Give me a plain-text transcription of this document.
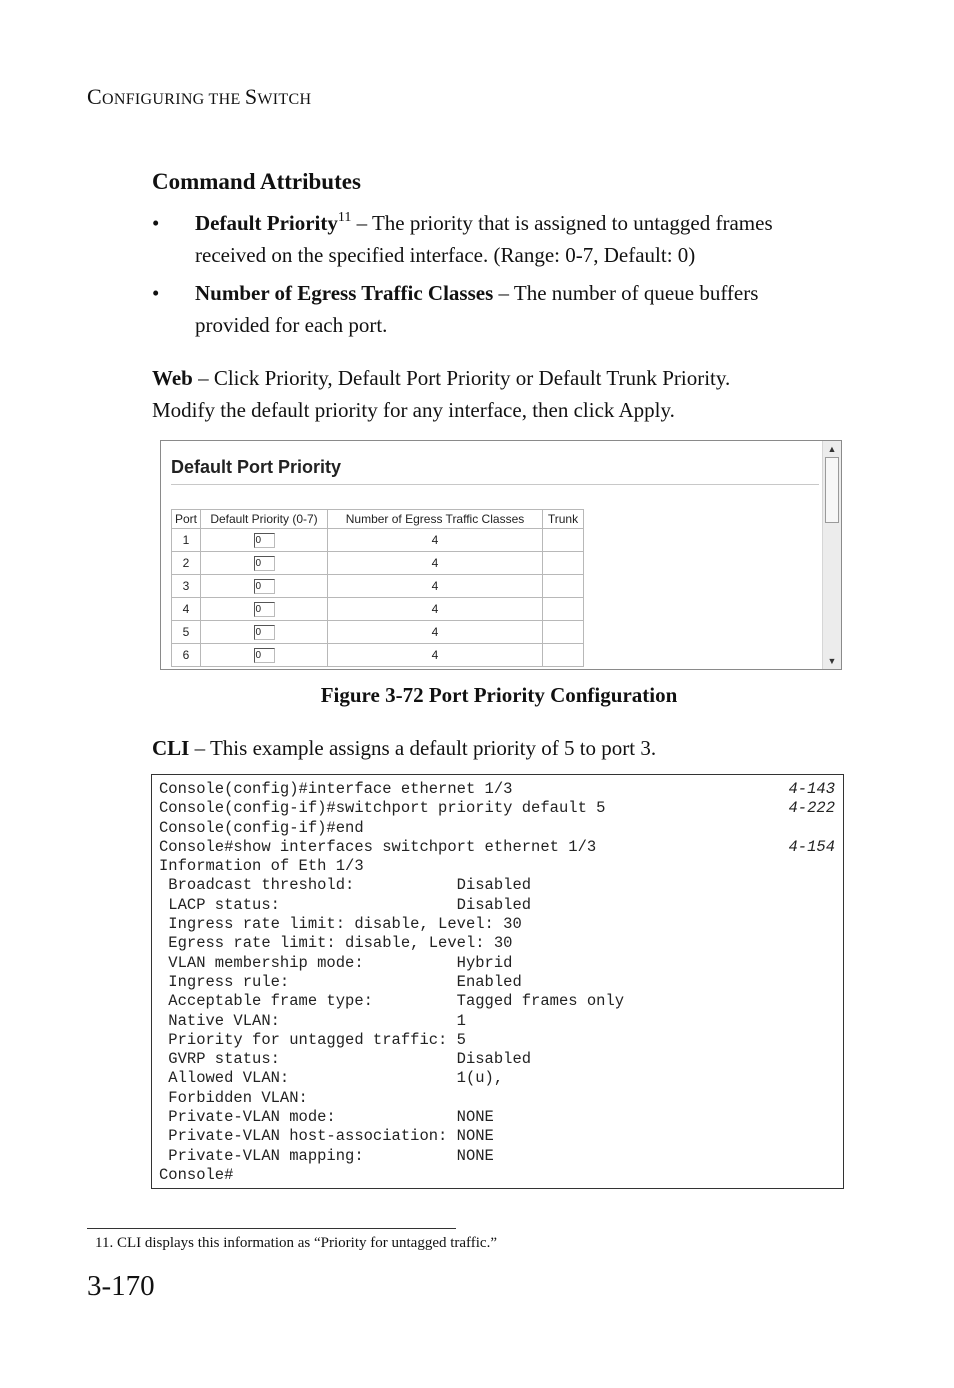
CONFIGURING THE SWITCH
Command Attributes
• Default Priority$^{11}$ – The priority that is assigned to untagged frames
received on the specified interface. (Range: 0-7, Default: 0)
• Number of Egress Traffic Classes – The number of queue buffers
provided for each port.
Web – Click Priority, Default Port Priority or Default Trunk Priority.
Modify the default priority for any interface, then click Apply.
Default Port Priority
Port	Default Priority (0-7)	Number of Egress Traffic Classes	Trunk
1	0	4	
2	0	4	
3	0	4	
4	0	4	
5	0	4	
6	0	4	
▲
▼
Figure 3-72 Port Priority Configuration
CLI – This example assigns a default priority of 5 to port 3.
Console(config)#interface ethernet 1/3	4-143
Console(config-if)#switchport priority default 5	4-222
Console(config-if)#end
Console#show interfaces switchport ethernet 1/3	4-154
Information of Eth 1/3
Broadcast threshold:           Disabled
LACP status:                   Disabled
Ingress rate limit: disable, Level: 30
Egress rate limit: disable, Level: 30
VLAN membership mode:          Hybrid
Ingress rule:                  Enabled
Acceptable frame type:         Tagged frames only
Native VLAN:                   1
Priority for untagged traffic: 5
GVRP status:                   Disabled
Allowed VLAN:                  1(u),
Forbidden VLAN:
Private-VLAN mode:             NONE
Private-VLAN host-association: NONE
Private-VLAN mapping:          NONE
Console#
11. CLI displays this information as “Priority for untagged traffic.”
3-170
